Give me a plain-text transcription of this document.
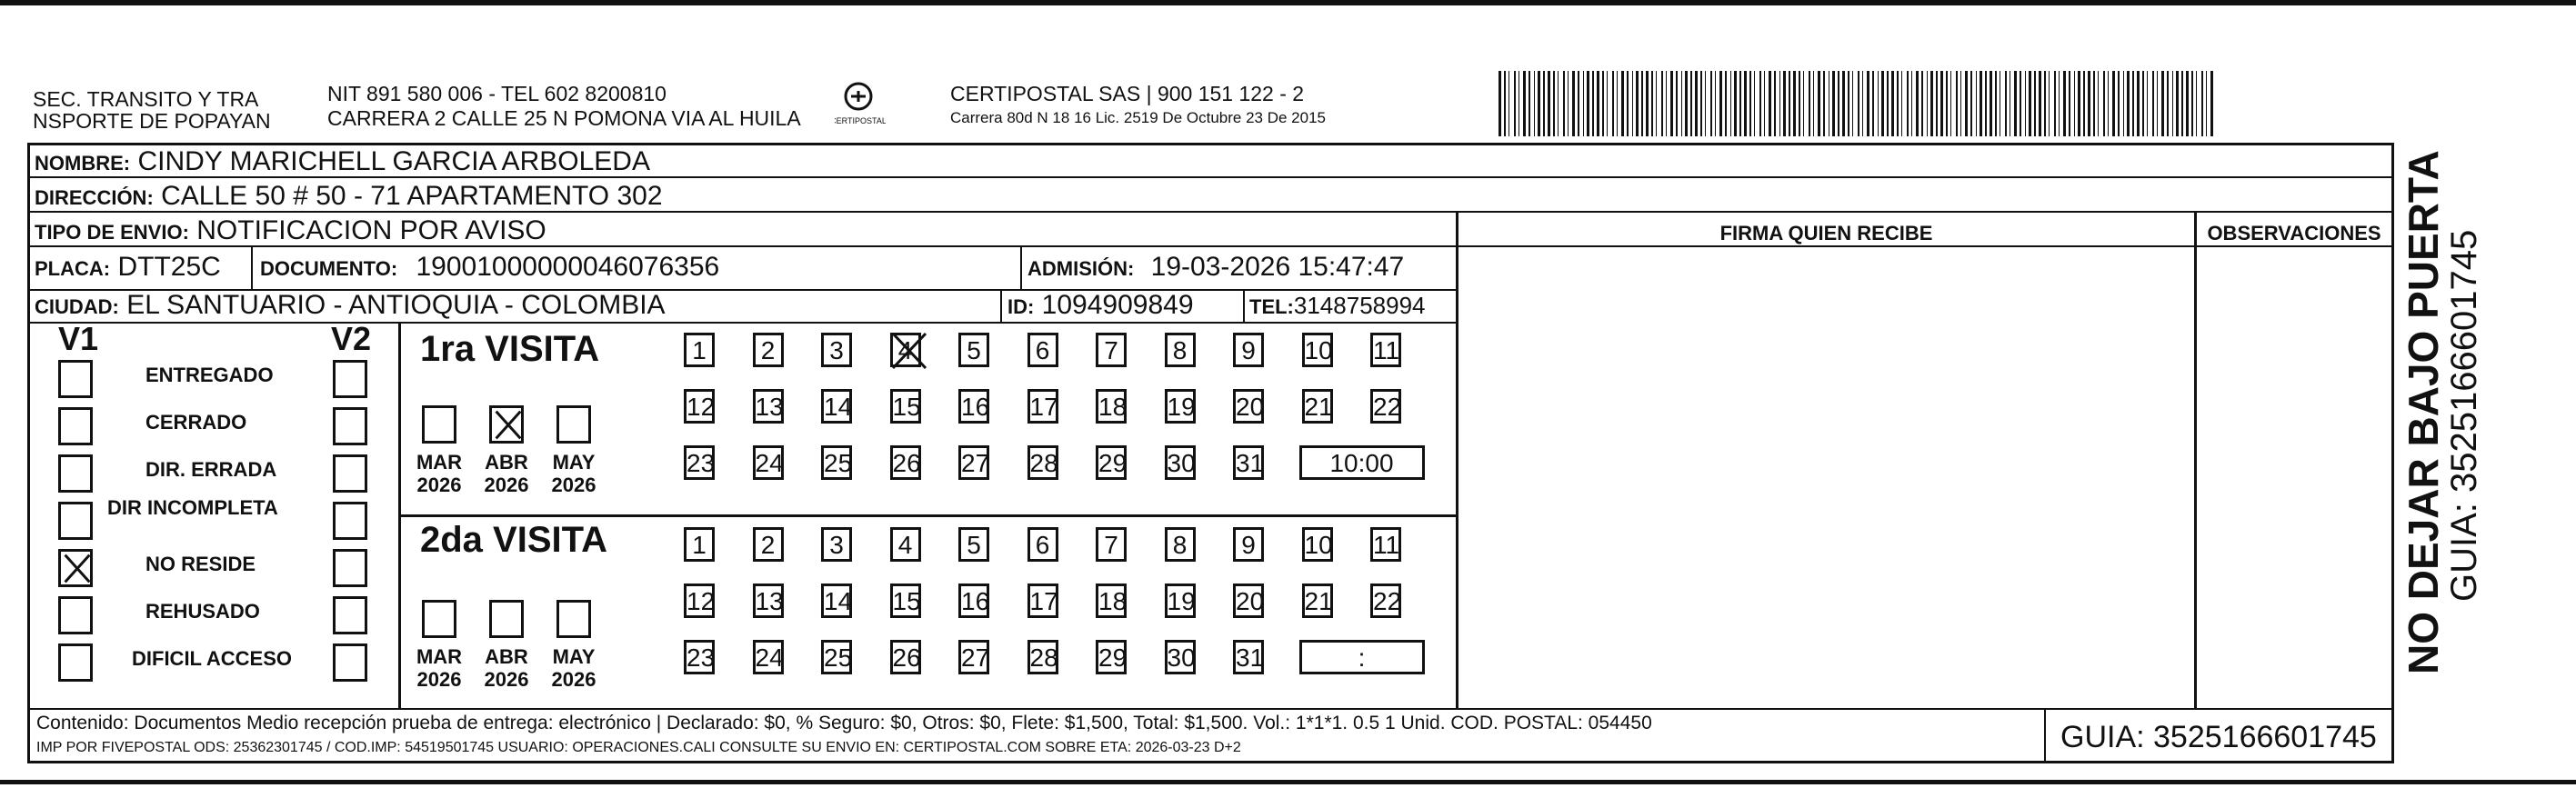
SEC. TRANSITO Y TRA
NSPORTE DE POPAYAN
NIT 891 580 006 - TEL 602 8200810
CARRERA 2 CALLE 25 N POMONA VIA AL HUILA	CERTIPOSTAL
CERTIPOSTAL SAS | 900 151 122 - 2
Carrera 80d N 18 16 Lic. 2519 De Octubre 23 De 2015
NOMBRE: CINDY MARICHELL GARCIA ARBOLEDA
DIRECCIÓN: CALLE 50 # 50 - 71 APARTAMENTO 302
TIPO DE ENVIO: NOTIFICACION POR AVISO
PLACA: DTT25C DOCUMENTO: 19001000000046076356	ADMISIÓN: 19-03-2026 15:47:47
CIUDAD: EL SANTUARIO - ANTIOQUIA - COLOMBIA	ID: 1094909849	TEL:3148758994
FIRMA QUIEN RECIBE	OBSERVACIONES
V1	V2
ENTREGADO
CERRADO
DIR. ERRADA
DIR INCOMPLETA
NO RESIDE
REHUSADO
DIFICIL ACCESO
1ra VISITA
2da VISITA
MAR
2026
ABR
2026
MAY
2026
1	2	3	4	5	6	7	8	9	10 11
12 13 14 15 16 17 18 19 20 21 22
23 24 25 26 27 28 29 30 31	10:00
MAR
2026
ABR
2026
MAY
2026
1	2	3	4	5	6	7	8	9	10 11
12 13 14 15 16 17 18 19 20 21 22
23 24 25 26 27 28 29 30 31	:
Contenido: Documentos Medio recepción prueba de entrega: electrónico | Declarado: $0, % Seguro: $0, Otros: $0, Flete: $1,500, Total: $1,500. Vol.: 1*1*1. 0.5 1 Unid. COD. POSTAL: 054450
IMP POR FIVEPOSTAL ODS: 25362301745 / COD.IMP: 54519501745 USUARIO: OPERACIONES.CALI CONSULTE SU ENVIO EN: CERTIPOSTAL.COM SOBRE ETA: 2026-03-23 D+2	GUIA: 3525166601745
NO DEJAR BAJO PUERTA
GUIA: 3525166601745
